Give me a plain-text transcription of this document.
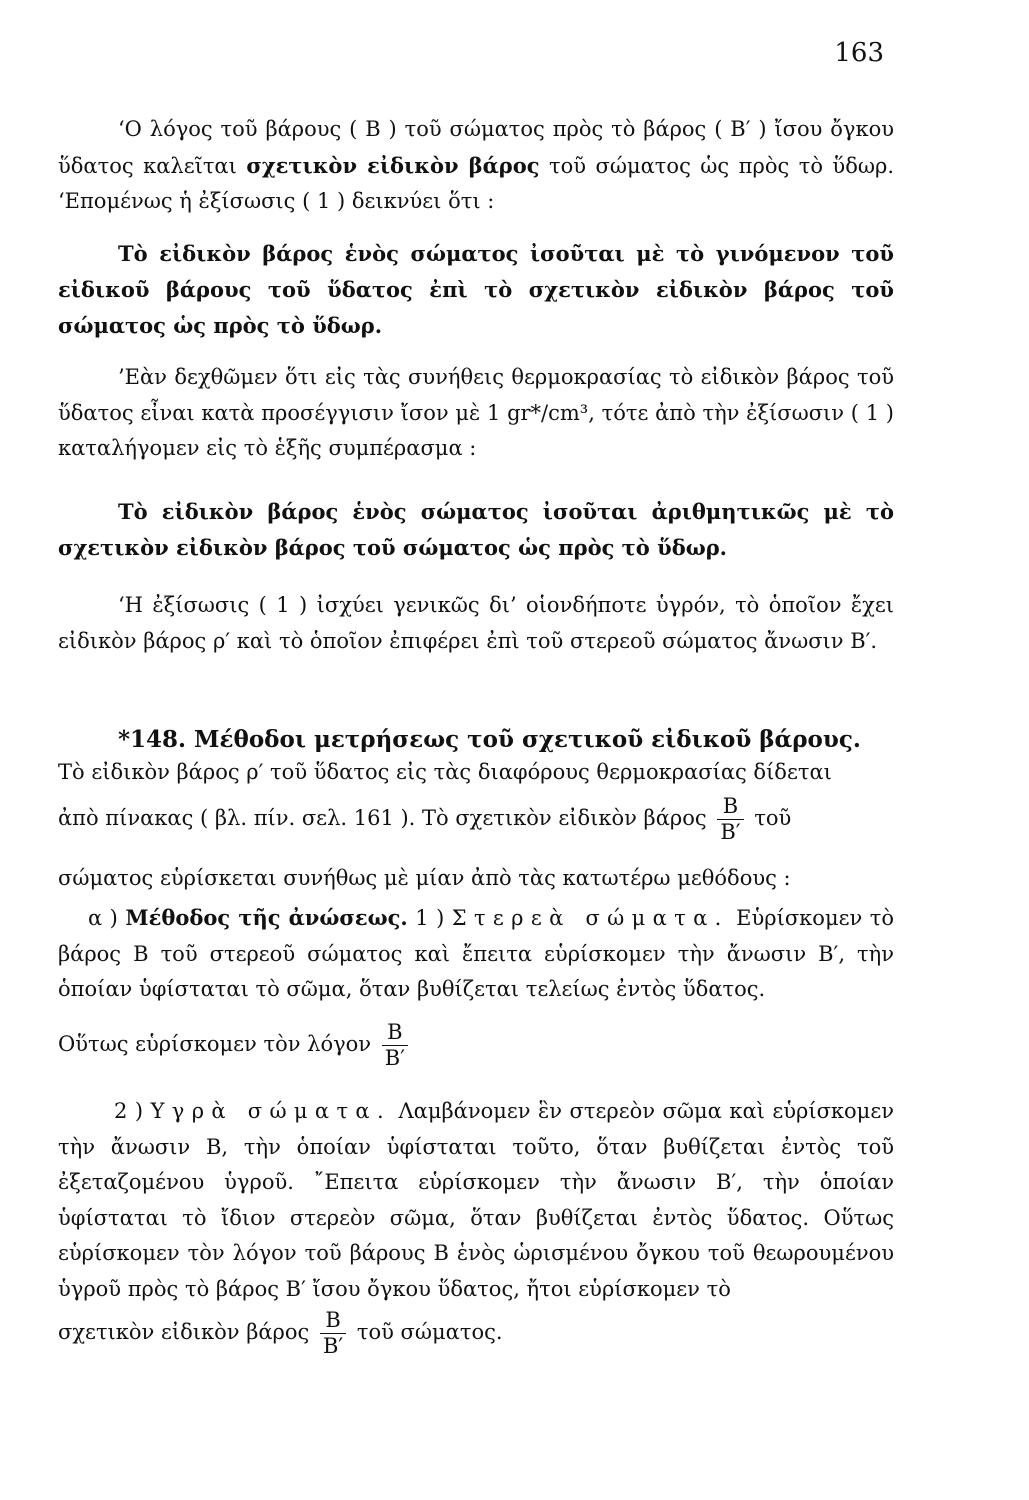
163
‘Ο λόγος τοῦ βάρους ( Β ) τοῦ σώματος πρὸς τὸ βάρος ( Β′ ) ἴσου ὄγκου ὕδατος καλεῖται σχετικὸν εἰδικὸν βάρος τοῦ σώματος ὡς πρὸς τὸ ὕδωρ. ‘Επομένως ἡ ἐξίσωσις ( 1 ) δεικνύει ὅτι :
Τὸ εἰδικὸν βάρος ἑνὸς σώματος ἰσοῦται μὲ τὸ γινόμενον τοῦ εἰδικοῦ βάρους τοῦ ὕδατος ἐπὶ τὸ σχετικὸν εἰδικὸν βάρος τοῦ σώματος ὡς πρὸς τὸ ὕδωρ.
’Εὰν δεχθῶμεν ὅτι εἰς τὰς συνήθεις θερμοκρασίας τὸ εἰδικὸν βάρος τοῦ ὕδατος εἶναι κατὰ προσέγγισιν ἴσον μὲ 1 gr*/cm³, τότε ἀπὸ τὴν ἐξίσωσιν ( 1 ) καταλήγομεν εἰς τὸ ἑξῆς συμπέρασμα :
Τὸ εἰδικὸν βάρος ἑνὸς σώματος ἰσοῦται ἀριθμητικῶς μὲ τὸ σχετικὸν εἰδικὸν βάρος τοῦ σώματος ὡς πρὸς τὸ ὕδωρ.
‘Η ἐξίσωσις ( 1 ) ἰσχύει γενικῶς δι’ οἱονδήποτε ὑγρόν, τὸ ὁποῖον ἔχει εἰδικὸν βάρος ρ′ καὶ τὸ ὁποῖον ἐπιφέρει ἐπὶ τοῦ στερεοῦ σώματος ἄνωσιν Β′.
*148. Μέθοδοι μετρήσεως τοῦ σχετικοῦ εἰδικοῦ βάρους.
Τὸ εἰδικὸν βάρος ρ′ τοῦ ὕδατος εἰς τὰς διαφόρους θερμοκρασίας δίδεται
ἀπὸ πίνακας ( βλ. πίν. σελ. 161 ). Τὸ σχετικὸν εἰδικὸν βάρος $\frac{B}{B'}$ τοῦ
σώματος εὑρίσκεται συνήθως μὲ μίαν ἀπὸ τὰς κατωτέρω μεθόδους :
α ) Μέθοδος τῆς ἀνώσεως. 1 ) Στερεὰ σώματα. Εὑρίσκομεν τὸ βάρος Β τοῦ στερεοῦ σώματος καὶ ἔπειτα εὑρίσκομεν τὴν ἄνωσιν Β′, τὴν ὁποίαν ὑφίσταται τὸ σῶμα, ὅταν βυθίζεται τελείως ἐντὸς ὕδατος.
Οὕτως εὑρίσκομεν τὸν λόγον $\frac{B}{B'}$
2 ) Υγρὰ σώματα. Λαμβάνομεν ἓν στερεὸν σῶμα καὶ εὑρίσκομεν τὴν ἄνωσιν Β, τὴν ὁποίαν ὑφίσταται τοῦτο, ὅταν βυθίζεται ἐντὸς τοῦ ἐξεταζομένου ὑγροῦ. ῎Επειτα εὑρίσκομεν τὴν ἄνωσιν Β′, τὴν ὁποίαν ὑφίσταται τὸ ἴδιον στερεὸν σῶμα, ὅταν βυθίζεται ἐντὸς ὕδατος. Οὕτως εὑρίσκομεν τὸν λόγον τοῦ βάρους Β ἑνὸς ὡρισμένου ὄγκου τοῦ θεωρουμένου ὑγροῦ πρὸς τὸ βάρος Β′ ἴσου ὄγκου ὕδατος, ἤτοι εὑρίσκομεν τὸ
σχετικὸν εἰδικὸν βάρος $\frac{B}{B'}$ τοῦ σώματος.
